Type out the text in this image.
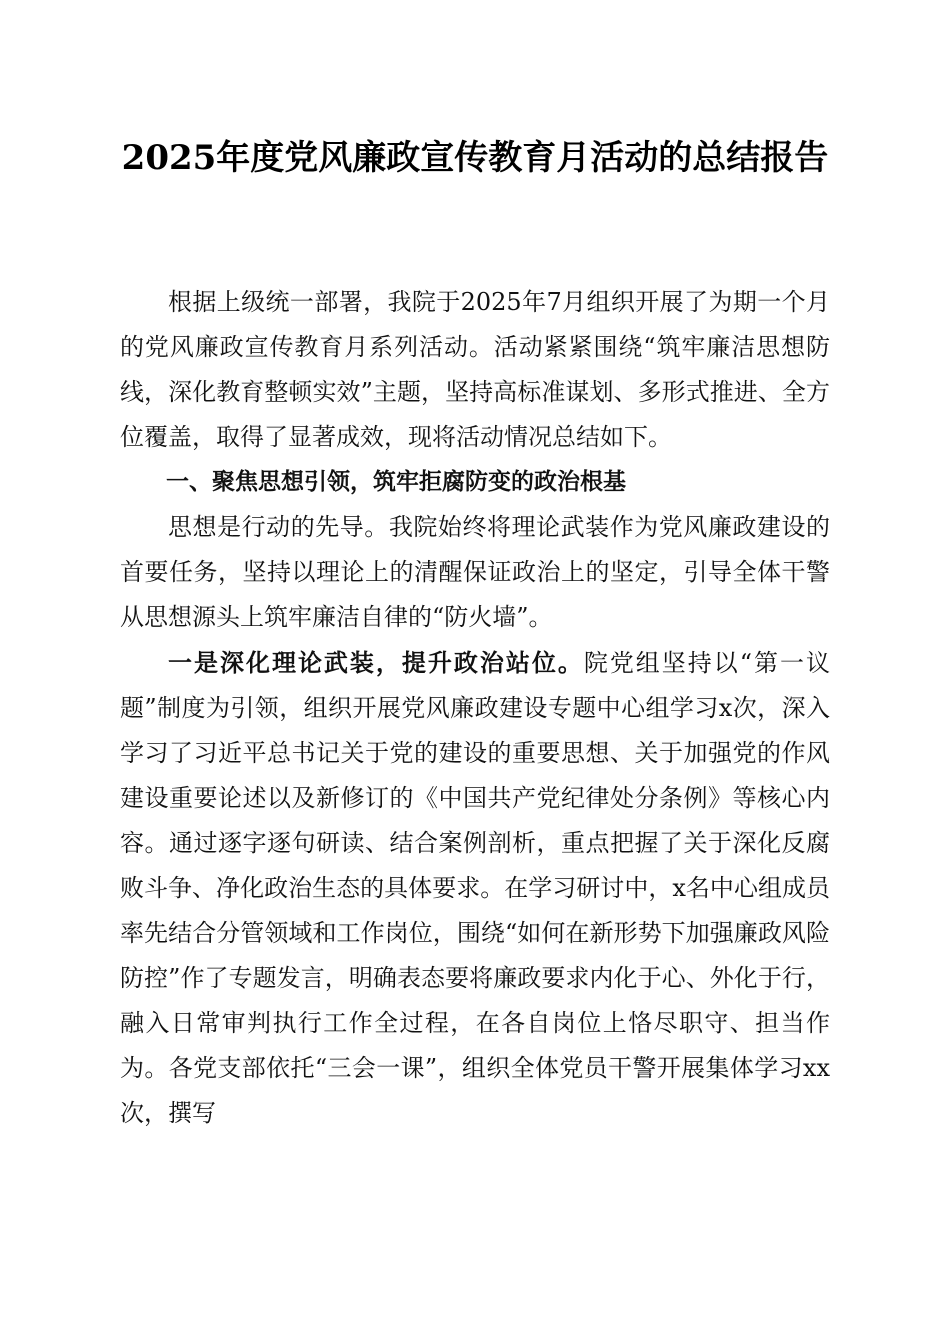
2025年度党风廉政宣传教育月活动的总结报告

根据上级统一部署，我院于2025年7月组织开展了为期一个月的党风廉政宣传教育月系列活动。活动紧紧围绕“筑牢廉洁思想防线，深化教育整顿实效”主题，坚持高标准谋划、多形式推进、全方位覆盖，取得了显著成效，现将活动情况总结如下。

一、聚焦思想引领，筑牢拒腐防变的政治根基

思想是行动的先导。我院始终将理论武装作为党风廉政建设的首要任务，坚持以理论上的清醒保证政治上的坚定，引导全体干警从思想源头上筑牢廉洁自律的“防火墙”。

一是深化理论武装，提升政治站位。院党组坚持以“第一议题”制度为引领，组织开展党风廉政建设专题中心组学习x次，深入学习了习近平总书记关于党的建设的重要思想、关于加强党的作风建设重要论述以及新修订的《中国共产党纪律处分条例》等核心内容。通过逐字逐句研读、结合案例剖析，重点把握了关于深化反腐败斗争、净化政治生态的具体要求。在学习研讨中，x名中心组成员率先结合分管领域和工作岗位，围绕“如何在新形势下加强廉政风险防控”作了专题发言，明确表态要将廉政要求内化于心、外化于行，融入日常审判执行工作全过程，在各自岗位上恪尽职守、担当作为。各党支部依托“三会一课”，组织全体党员干警开展集体学习xx次，撰写
